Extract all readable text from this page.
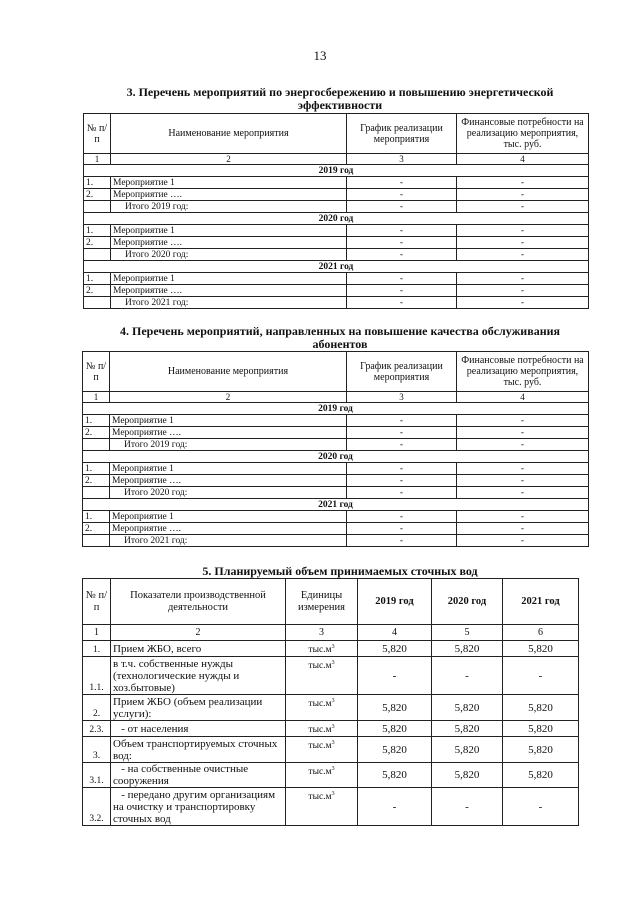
13
3. Перечень мероприятий по энергосбережению и повышению энергетической
эффективности
№ п/п	Наименование мероприятия	График реализации мероприятия	Финансовые потребности на реализацию мероприятия, тыс. руб.
1	2	3	4
2019 год			
1.	Мероприятие 1	-	-
2.	Мероприятие ….	-	-
	Итого 2019 год:	-	-
2020 год			
1.	Мероприятие 1	-	-
2.	Мероприятие ….	-	-
	Итого 2020 год:	-	-
2021 год			
1.	Мероприятие 1	-	-
2.	Мероприятие ….	-	-
	Итого 2021 год:	-	-
4. Перечень мероприятий, направленных на повышение качества обслуживания
абонентов
№ п/п	Наименование мероприятия	График реализации мероприятия	Финансовые потребности на реализацию мероприятия, тыс. руб.
1	2	3	4
2019 год			
1.	Мероприятие 1	-	-
2.	Мероприятие ….	-	-
	Итого 2019 год:	-	-
2020 год			
1.	Мероприятие 1	-	-
2.	Мероприятие ….	-	-
	Итого 2020 год:	-	-
2021 год			
1.	Мероприятие 1	-	-
2.	Мероприятие ….	-	-
	Итого 2021 год:	-	-
5. Планируемый объем принимаемых сточных вод
№ п/п	Показатели производственной деятельности	Единицы измерения	2019 год	2020 год	2021 год
1	2	3	4	5	6
1.	Прием ЖБО, всего	$тыс.м^3$	5,820	5,820	5,820
1.1.	в т.ч. собственные нужды (технологические нужды и хоз.бытовые)	$тыс.м^3$	-	-	-
2.	Прием ЖБО (объем реализации услуги):	$тыс.м^3$	5,820	5,820	5,820
2.3.	- от населения	$тыс.м^3$	5,820	5,820	5,820
3.	Объем транспортируемых сточных вод:	$тыс.м^3$	5,820	5,820	5,820
3.1.	- на собственные очистные сооружения	$тыс.м^3$	5,820	5,820	5,820
3.2.	- передано другим организациям на очистку и транспортировку сточных вод	$тыс.м^3$	-	-	-
